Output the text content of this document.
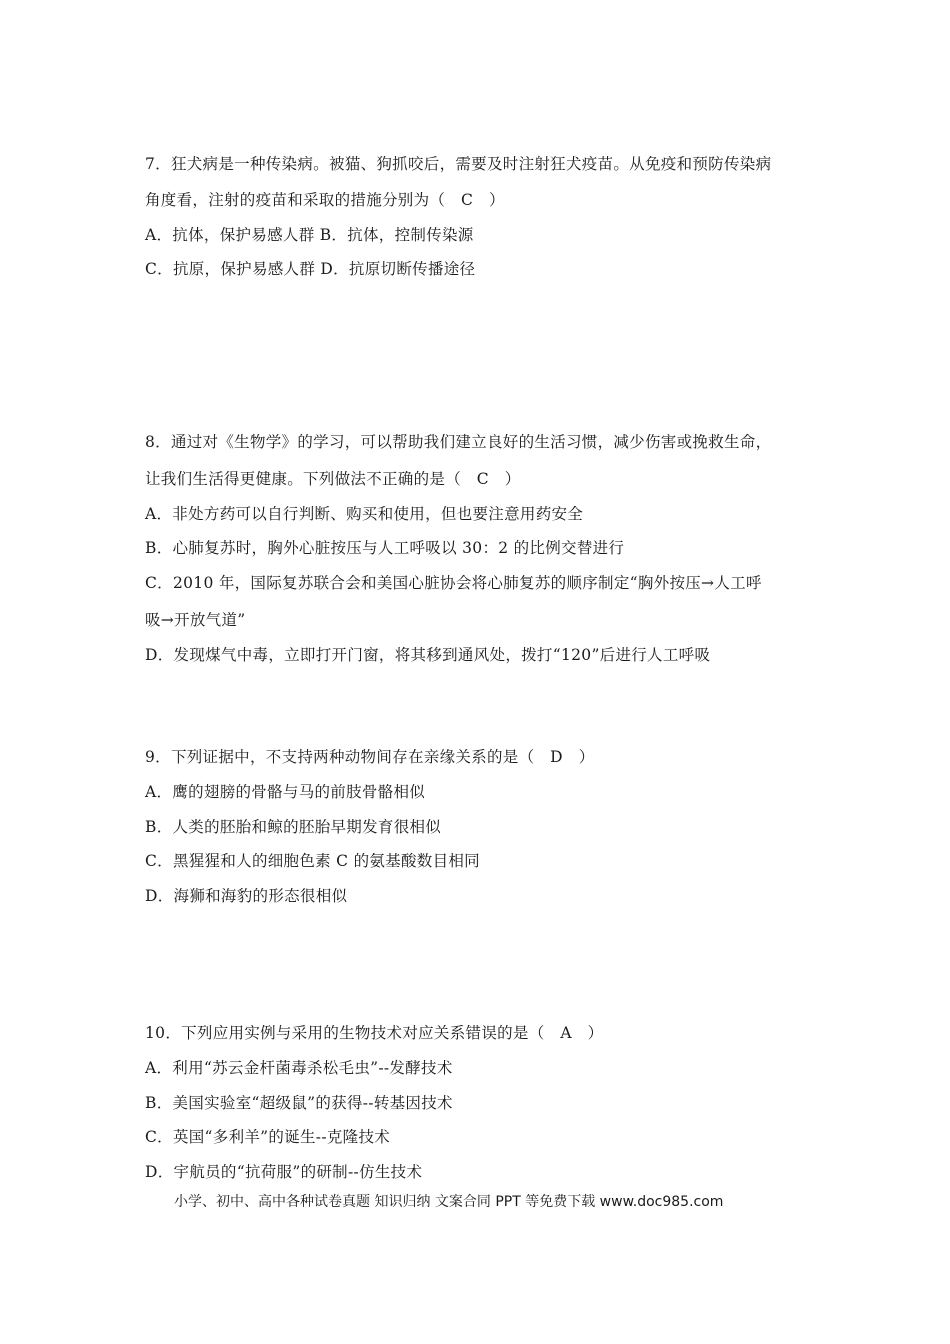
7．狂犬病是一种传染病。被猫、狗抓咬后，需要及时注射狂犬疫苗。从免疫和预防传染病
角度看，注射的疫苗和采取的措施分别为（　C　）
A．抗体，保护易感人群 B．抗体，控制传染源
C．抗原，保护易感人群 D．抗原切断传播途径
8．通过对《生物学》的学习，可以帮助我们建立良好的生活习惯，减少伤害或挽救生命，
让我们生活得更健康。下列做法不正确的是（　C　）
A．非处方药可以自行判断、购买和使用，但也要注意用药安全
B．心肺复苏时，胸外心脏按压与人工呼吸以 30：2 的比例交替进行
C．2010 年，国际复苏联合会和美国心脏协会将心肺复苏的顺序制定“胸外按压→人工呼
吸→开放气道”
D．发现煤气中毒，立即打开门窗，将其移到通风处，拨打“120”后进行人工呼吸
9．下列证据中，不支持两种动物间存在亲缘关系的是（　D　）
A．鹰的翅膀的骨骼与马的前肢骨骼相似
B．人类的胚胎和鲸的胚胎早期发育很相似
C．黑猩猩和人的细胞色素 C 的氨基酸数目相同
D．海狮和海豹的形态很相似
10．下列应用实例与采用的生物技术对应关系错误的是（　A　）
A．利用“苏云金杆菌毒杀松毛虫”--发酵技术
B．美国实验室“超级鼠”的获得--转基因技术
C．英国“多利羊”的诞生--克隆技术
D．宇航员的“抗荷服”的研制--仿生技术
小学、初中、高中各种试卷真题 知识归纳 文案合同 PPT 等免费下载 www.doc985.com
